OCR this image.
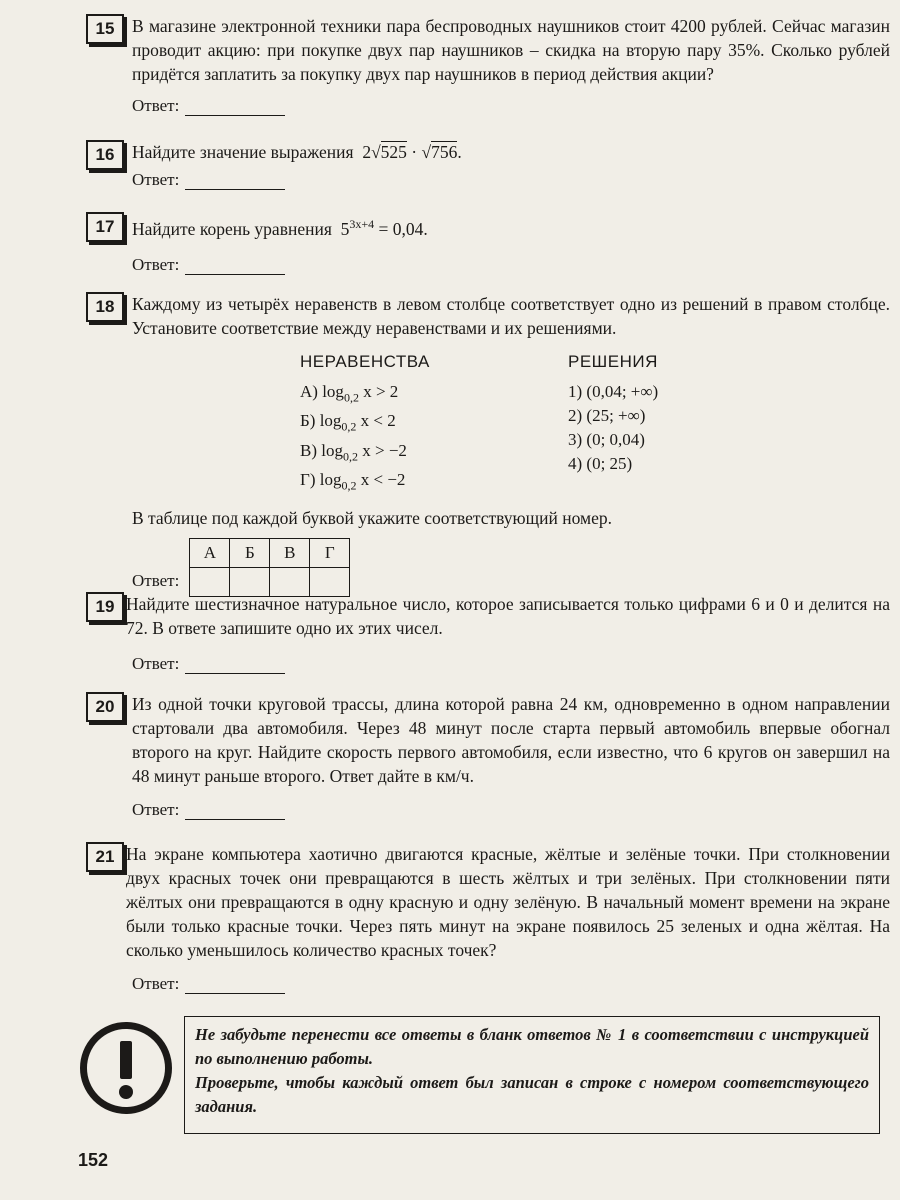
15	В магазине электронной техники пара беспроводных наушников стоит 4200 рублей. Сейчас магазин проводит акцию: при покупке двух пар наушников – скидка на вторую пару 35%. Сколько рублей придётся заплатить за покупку двух пар наушников в период действия акции?
Ответ:
16	Найдите значение выражения 2√525 · √756.
Ответ:
17	Найдите корень уравнения $5^{3x+4} = 0,04$.
Ответ:
18	Каждому из четырёх неравенств в левом столбце соответствует одно из решений в правом столбце. Установите соответствие между неравенствами и их решениями.
НЕРАВЕНСТВА
А) $\log_{0,2} x > 2$
Б) $\log_{0,2} x < 2$
В) $\log_{0,2} x > -2$
Г) $\log_{0,2} x < -2$
РЕШЕНИЯ
1) (0,04; +∞)
2) (25; +∞)
3) (0; 0,04)
4) (0; 25)
В таблице под каждой буквой укажите соответствующий номер.
Ответ:
А	Б	В	Г

19 Найдите шестизначное натуральное число, которое записывается только цифрами 6 и 0 и делится на 72. В ответе запишите одно их этих чисел.
Ответ:
20	Из одной точки круговой трассы, длина которой равна 24 км, одновременно в одном направлении стартовали два автомобиля. Через 48 минут после старта первый автомобиль впервые обогнал второго на круг. Найдите скорость первого автомобиля, если известно, что 6 кругов он завершил на 48 минут раньше второго. Ответ дайте в км/ч.
Ответ:
21 На экране компьютера хаотично двигаются красные, жёлтые и зелёные точки. При столкновении двух красных точек они превращаются в шесть жёлтых и три зелёных. При столкновении пяти жёлтых они превращаются в одну красную и одну зелёную. В начальный момент времени на экране были только красные точки. Через пять минут на экране появилось 25 зеленых и одна жёлтая. На сколько уменьшилось количество красных точек?
Ответ:
Не забудьте перенести все ответы в бланк ответов № 1 в соответствии с инструкцией по выполнению работы.
Проверьте, чтобы каждый ответ был записан в строке с номером соответствующего задания.
152
